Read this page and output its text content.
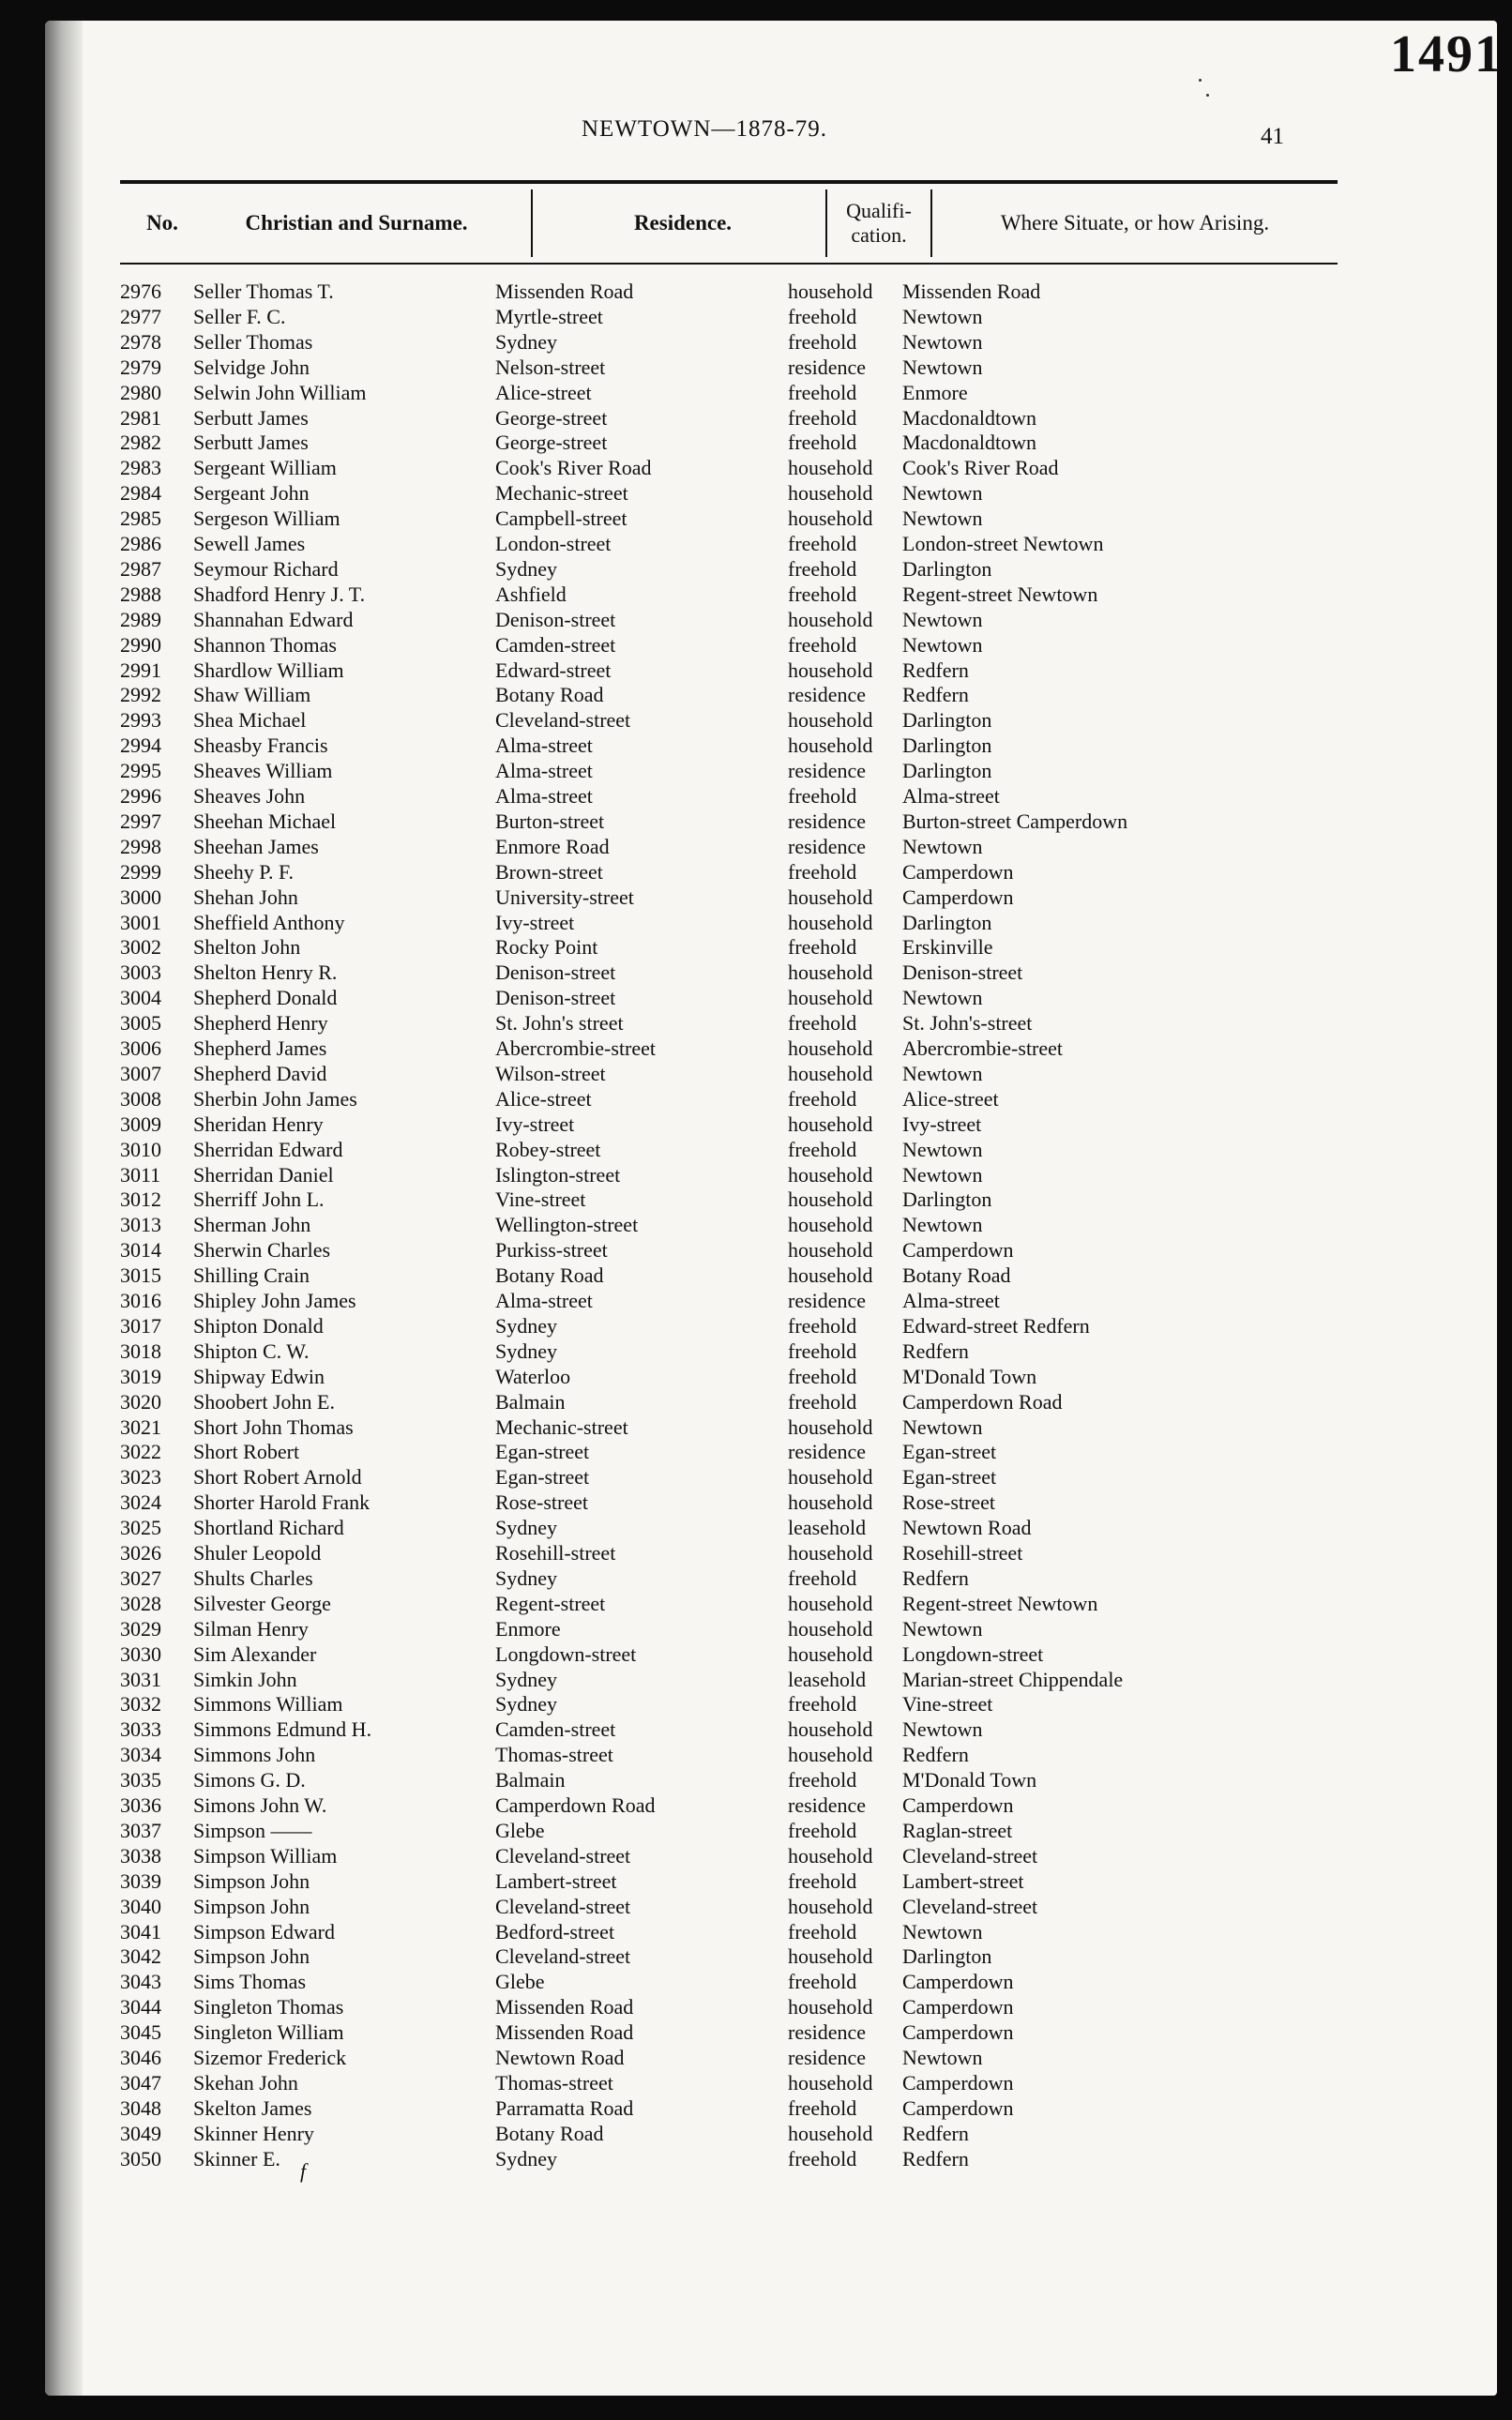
1491
41
NEWTOWN—1878-79.
No.	Christian and Surname.	Residence.
Qualifi-
cation.
Where Situate, or how Arising.
2976 Seller Thomas T.	Missenden Road	household Missenden Road
2977 Seller F. C.	Myrtle-street	freehold Newtown
2978 Seller Thomas	Sydney	freehold Newtown
2979 Selvidge John	Nelson-street	residence Newtown
2980 Selwin John William	Alice-street	freehold Enmore
2981 Serbutt James	George-street	freehold Macdonaldtown
2982 Serbutt James	George-street	freehold Macdonaldtown
2983 Sergeant William	Cook's River Road	household Cook's River Road
2984 Sergeant John	Mechanic-street	household Newtown
2985 Sergeson William	Campbell-street	household Newtown
2986 Sewell James	London-street	freehold London-street Newtown
2987 Seymour Richard	Sydney	freehold Darlington
2988 Shadford Henry J. T.	Ashfield	freehold Regent-street Newtown
2989 Shannahan Edward	Denison-street	household Newtown
2990 Shannon Thomas	Camden-street	freehold Newtown
2991 Shardlow William	Edward-street	household Redfern
2992 Shaw William	Botany Road	residence Redfern
2993 Shea Michael	Cleveland-street	household Darlington
2994 Sheasby Francis	Alma-street	household Darlington
2995 Sheaves William	Alma-street	residence Darlington
2996 Sheaves John	Alma-street	freehold Alma-street
2997 Sheehan Michael	Burton-street	residence Burton-street Camperdown
2998 Sheehan James	Enmore Road	residence Newtown
2999 Sheehy P. F.	Brown-street	freehold Camperdown
3000 Shehan John	University-street	household Camperdown
3001 Sheffield Anthony	Ivy-street	household Darlington
3002 Shelton John	Rocky Point	freehold Erskinville
3003 Shelton Henry R.	Denison-street	household Denison-street
3004 Shepherd Donald	Denison-street	household Newtown
3005 Shepherd Henry	St. John's street	freehold St. John's-street
3006 Shepherd James	Abercrombie-street	household Abercrombie-street
3007 Shepherd David	Wilson-street	household Newtown
3008 Sherbin John James	Alice-street	freehold Alice-street
3009 Sheridan Henry	Ivy-street	household Ivy-street
3010 Sherridan Edward	Robey-street	freehold Newtown
3011 Sherridan Daniel	Islington-street	household Newtown
3012 Sherriff John L.	Vine-street	household Darlington
3013 Sherman John	Wellington-street	household Newtown
3014 Sherwin Charles	Purkiss-street	household Camperdown
3015 Shilling Crain	Botany Road	household Botany Road
3016 Shipley John James	Alma-street	residence Alma-street
3017 Shipton Donald	Sydney	freehold Edward-street Redfern
3018 Shipton C. W.	Sydney	freehold Redfern
3019 Shipway Edwin	Waterloo	freehold M'Donald Town
3020 Shoobert John E.	Balmain	freehold Camperdown Road
3021 Short John Thomas	Mechanic-street	household Newtown
3022 Short Robert	Egan-street	residence Egan-street
3023 Short Robert Arnold	Egan-street	household Egan-street
3024 Shorter Harold Frank	Rose-street	household Rose-street
3025 Shortland Richard	Sydney	leasehold Newtown Road
3026 Shuler Leopold	Rosehill-street	household Rosehill-street
3027 Shults Charles	Sydney	freehold Redfern
3028 Silvester George	Regent-street	household Regent-street Newtown
3029 Silman Henry	Enmore	household Newtown
3030 Sim Alexander	Longdown-street	household Longdown-street
3031 Simkin John	Sydney	leasehold Marian-street Chippendale
3032 Simmons William	Sydney	freehold Vine-street
3033 Simmons Edmund H.	Camden-street	household Newtown
3034 Simmons John	Thomas-street	household Redfern
3035 Simons G. D.	Balmain	freehold M'Donald Town
3036 Simons John W.	Camperdown Road	residence Camperdown
3037 Simpson ——	Glebe	freehold Raglan-street
3038 Simpson William	Cleveland-street	household Cleveland-street
3039 Simpson John	Lambert-street	freehold Lambert-street
3040 Simpson John	Cleveland-street	household Cleveland-street
3041 Simpson Edward	Bedford-street	freehold Newtown
3042 Simpson John	Cleveland-street	household Darlington
3043 Sims Thomas	Glebe	freehold Camperdown
3044 Singleton Thomas	Missenden Road	household Camperdown
3045 Singleton William	Missenden Road	residence Camperdown
3046 Sizemor Frederick	Newtown Road	residence Newtown
3047 Skehan John	Thomas-street	household Camperdown
3048 Skelton James	Parramatta Road	freehold Camperdown
3049 Skinner Henry	Botany Road	household Redfern
3050 Skinner E.	Sydney	freehold Redfern
f
